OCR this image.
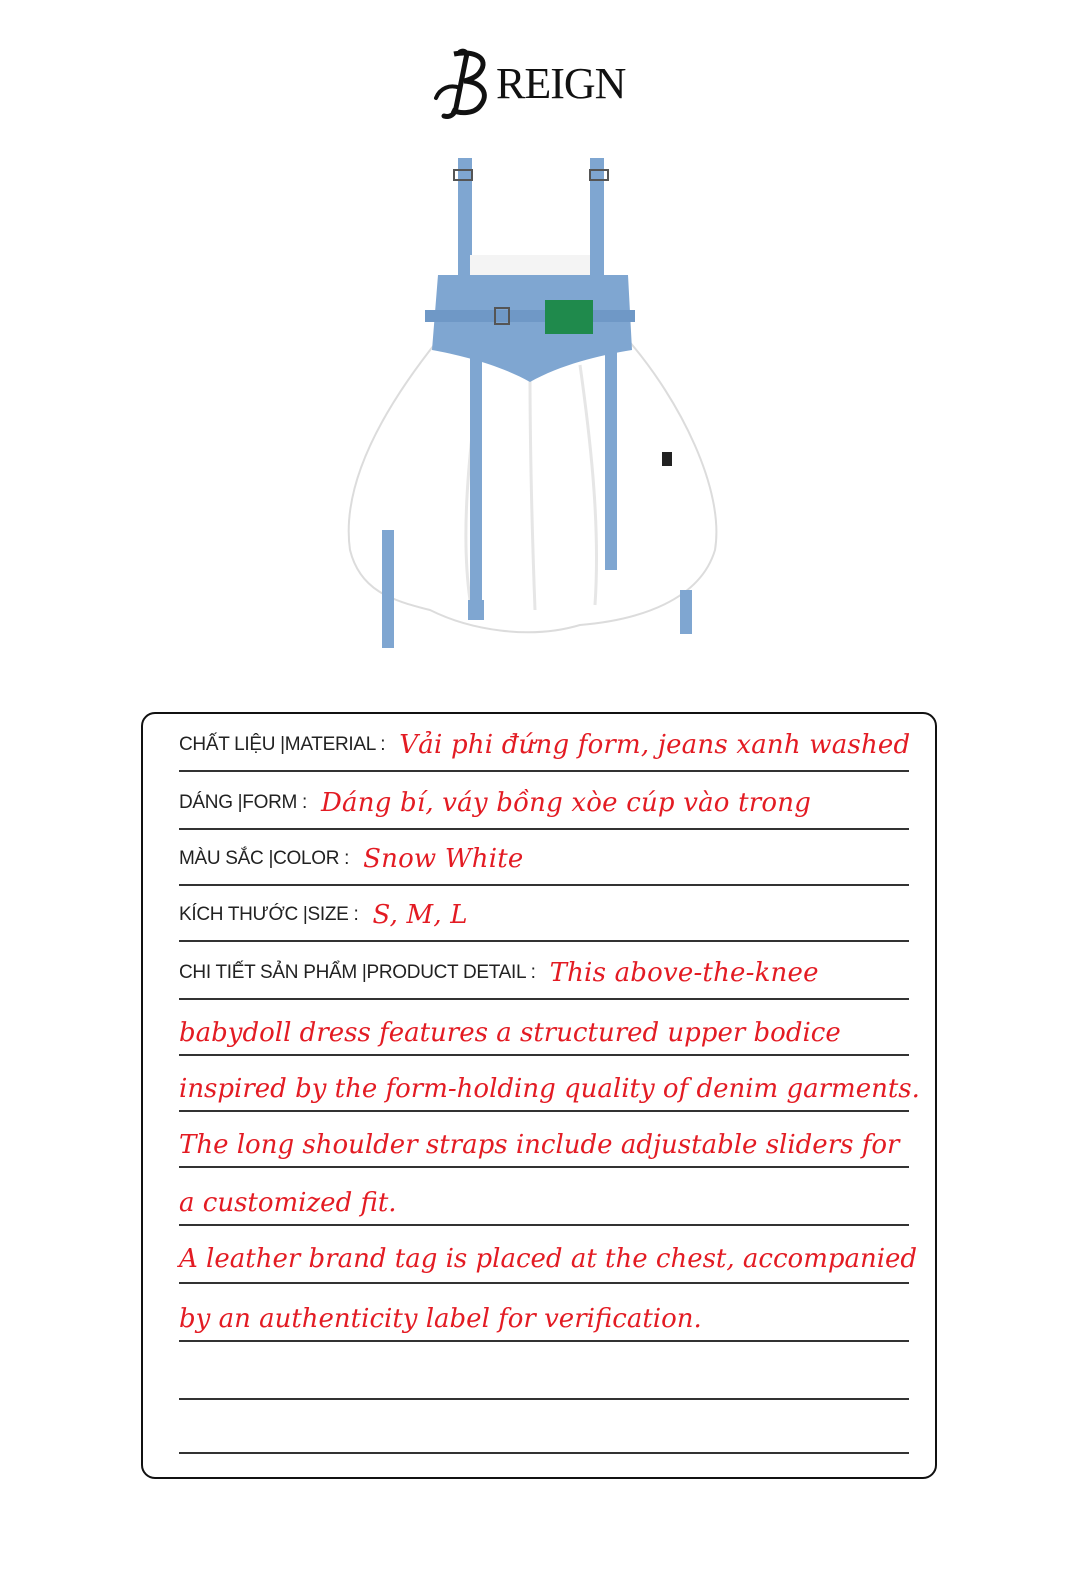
REIGN
CHẤT LIỆU |MATERIAL : Vải phi đứng form, jeans xanh washed
DÁNG |FORM : Dáng bí, váy bồng xòe cúp vào trong
MÀU SẮC |COLOR : Snow White
KÍCH THƯỚC |SIZE : S, M, L
CHI TIẾT SẢN PHẨM |PRODUCT DETAIL : This above-the-knee
babydoll dress features a structured upper bodice
inspired by the form-holding quality of denim garments.
The long shoulder straps include adjustable sliders for
a customized fit.
A leather brand tag is placed at the chest, accompanied
by an authenticity label for verification.
